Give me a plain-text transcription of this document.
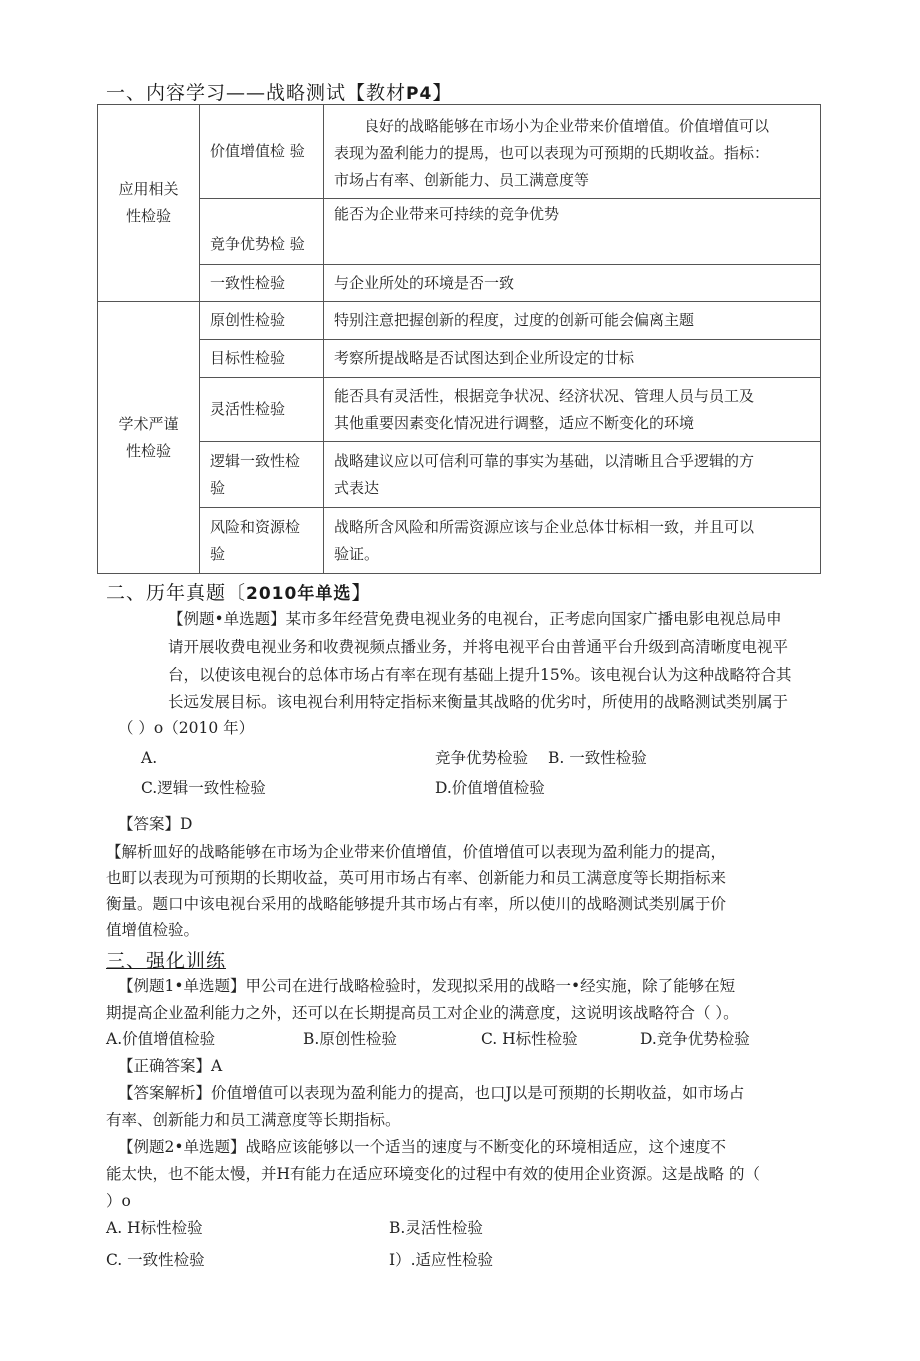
一、内容学习——战略测试【教材P4】
应用相关性检验	价值增值检 验	良好的战略能够在市场小为企业带来价值增值。价值增值可以表现为盈利能力的提馬，也可以表现为可预期的氏期收益。指标：市场占有率、创新能力、员工满意度等

	竟争优势检 验	能否为企业带来可持续的竞争优势
	一致性检验	与企业所处的环境是否一致
学术严谨性检验	原创性检验	特别注意把握创新的程度，过度的创新可能会偏离主题
	目标性检验	考察所提战略是否试图达到企业所设定的廿标
	灵活性检验	能否具有灵活性，根据竞争状况、经济状况、管理人员与员工及其他重要因素变化情况进行调整，适应不断变化的环境

	逻辑一致性检验	战略建议应以可信利可靠的事实为基础，以清晰且合乎逻辑的方式表达

	风险和资源检验	战略所含风险和所需资源应该与企业总体廿标相一致，并且可以验证。
二、历年真题〔2010年单选】
【例题•单选题】某市多年经营免费电视业务的电视台，正考虑向国家广播电影电视总局申
请开展收费电视业务和收费视频点播业务，并将电视平台由普通平台升级到高清晰度电视平
台，以使该电视台的总体市场占有率在现有基础上提升15%。该电视台认为这种战略符合其
长远发展目标。该电视台利用特定指标来衡量其战略的优劣吋，所使用的战略测试类别属于
（ ）o（2010 年）
A.	竞争优势检验 B. 一致性检验
C.逻辑一致性检验	D.价值增值检验
【答案】D
【解析皿好的战略能够在市场为企业带来价值增值，价值增值可以表现为盈利能力的提高，
也町以表现为可预期的长期收益，英可用市场占有率、创新能力和员工满意度等长期指标来
衡量。题口中该电视台采用的战略能够提升其市场占有率，所以使川的战略测试类别属于价
值增值检验。
三、强化训练
【例题1•单选题】甲公司在进行战略检验时，发现拟采用的战略一•经实施，除了能够在短
期提高企业盈利能力之外，还可以在长期提高员工对企业的满意度，这说明该战略符合（ ）。
A.价值增值检验	B.原创性检验	C. H标性检验	D.竞争优势检验
【正确答案】A
【答案解析】价值增值可以表现为盈利能力的提高，也口J以是可预期的长期收益，如市场占
有率、创新能力和员工满意度等长期指标。
【例题2•单选题】战略应该能够以一个适当的速度与不断变化的环境相适应，这个速度不
能太快，也不能太慢，并H有能力在适应环境变化的过程中有效的使用企业资源。这是战略 的（
）o
A. H标性检验	B.灵活性检验
C. 一致性检验	I）.适应性检验
